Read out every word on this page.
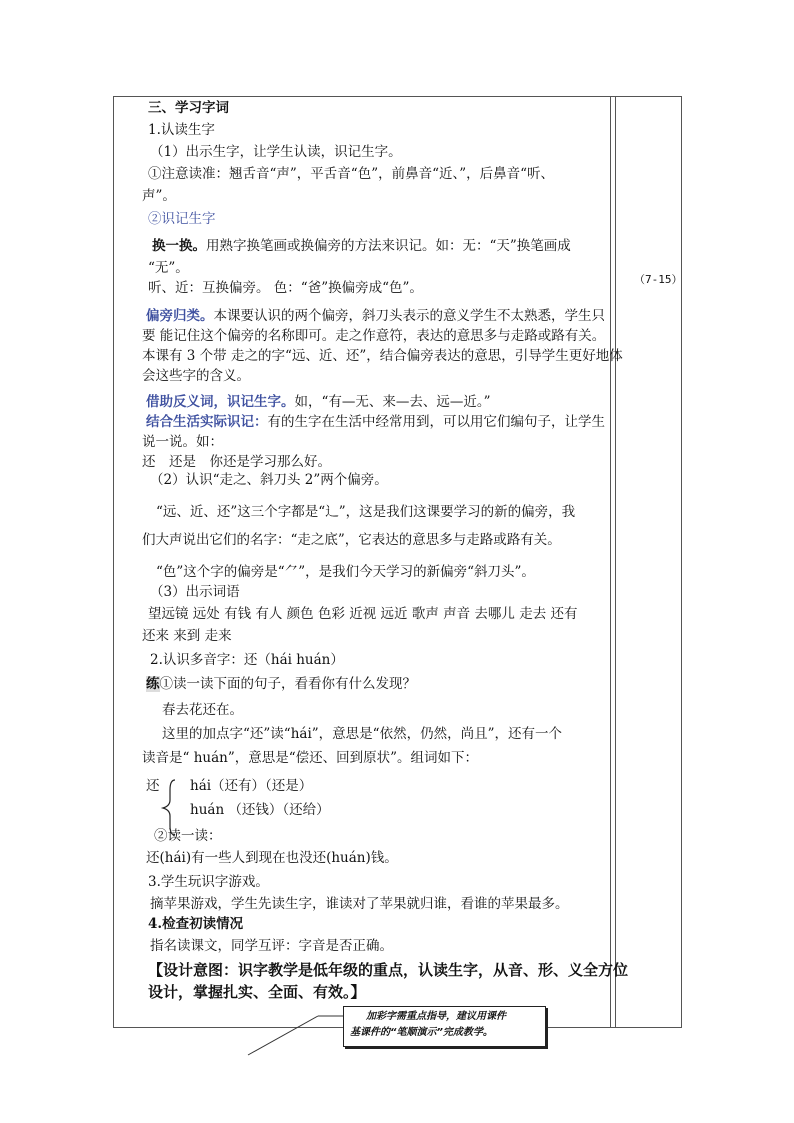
（7-15）
三、学习字词
1.认读生字
（1）出示生字，让学生认读，识记生字。
①注意读准：翘舌音“声”，平舌音“色”，前鼻音“近、”，后鼻音“听、
声”。
②识记生字
换一换。用熟字换笔画或换偏旁的方法来识记。如：无：“天”换笔画成
“无”。
听、近：互换偏旁。 色：“爸”换偏旁成“色”。
偏旁归类。本课要认识的两个偏旁，斜刀头表示的意义学生不太熟悉，学生只
要 能记住这个偏旁的名称即可。走之作意符，表达的意思多与走路或路有关。
本课有 3 个带 走之的字“远、近、还”，结合偏旁表达的意思，引导学生更好地体
会这些字的含义。
借助反义词，识记生字。如，“有—无、来—去、远—近。”
结合生活实际识记：有的生字在生活中经常用到，可以用它们编句子，让学生
说一说。如：
还　还是　你还是学习那么好。
（2）认识“走之、斜刀头 2”两个偏旁。
“远、近、还”这三个字都是“辶”，这是我们这课要学习的新的偏旁，我
们大声说出它们的名字：“走之底”，它表达的意思多与走路或路有关。
“色”这个字的偏旁是“⺈”，是我们今天学习的新偏旁“斜刀头”。
（3）出示词语
望远镜 远处 有钱 有人 颜色 色彩 近视 远近 歌声 声音 去哪儿 走去 还有
还来 来到 走来
2.认识多音字：还（hái huán）
练①读一读下面的句子，看看你有什么发现？
春去花还在。
这里的加点字“还”读“hái”，意思是“依然，仍然，尚且”，还有一个
读音是“ huán”，意思是“偿还、回到原状”。组词如下：
还 hái（还有）（还是）
huán （还钱）（还给）
②读一读：
还(hái)有一些人到现在也没还(huán)钱。
3.学生玩识字游戏。
摘苹果游戏，学生先读生字，谁读对了苹果就归谁，看谁的苹果最多。
4.检查初读情况
指名读课文，同学互评：字音是否正确。
【设计意图：识字教学是低年级的重点，认读生字，从音、形、义全方位
设计，掌握扎实、全面、有效。】
加彩字需重点指导，建议用课件
基课件的“笔顺演示”完成教学。
